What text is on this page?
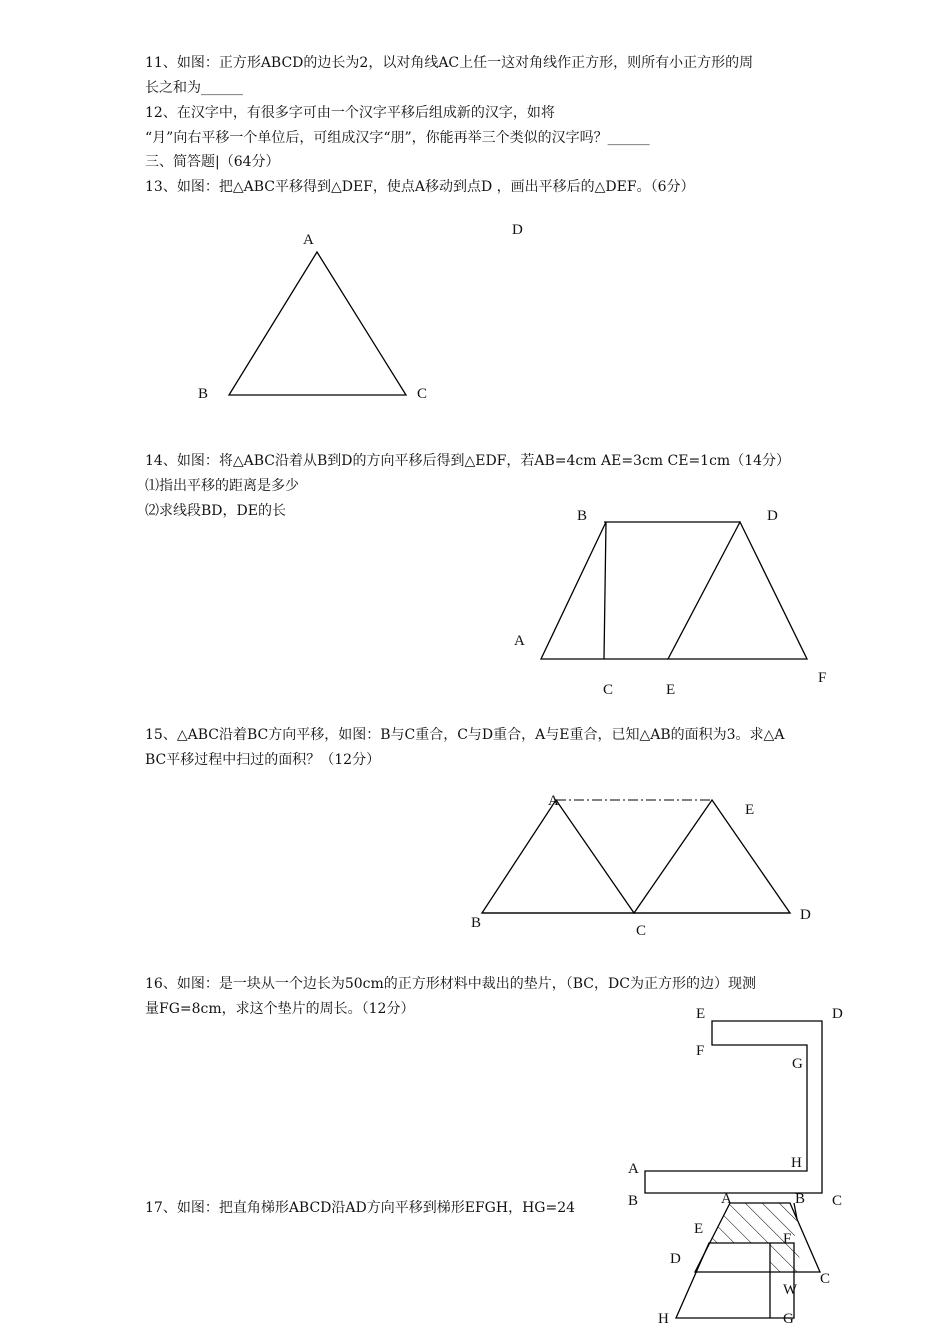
11、如图：正方形ABCD的边长为2，以对角线AC上任一这对角线作正方形，则所有小正方形的周
长之和为______
12、在汉字中，有很多字可由一个汉字平移后组成新的汉字，如将
“月”向右平移一个单位后，可组成汉字“朋”，你能再举三个类似的汉字吗？______
三、简答题|（64分）
13、如图：把△ABC平移得到△DEF，使点A移动到点D ，画出平移后的△DEF。（6分）
A
B	C
D
14、如图：将△ABC沿着从B到D的方向平移后得到△EDF，若AB=4cm AE=3cm CE=1cm（14分）
⑴指出平移的距离是多少
⑵求线段BD，DE的长	B	D
A
C	E
F
15、△ABC沿着BC方向平移，如图：B与C重合，C与D重合，A与E重合，已知△AB的面积为3。求△A
BC平移过程中扫过的面积？（12分）
A
E
B	C
D
16、如图：是一块从一个边长为50cm的正方形材料中裁出的垫片，（BC，DC为正方形的边）现测
量FG=8cm，求这个垫片的周长。（12分）	E	D
F
G
H
A
B	C
17、如图：把直角梯形ABCD沿AD方向平移到梯形EFGH，HG=24
A	B
E
F
D
C
W
H	G
